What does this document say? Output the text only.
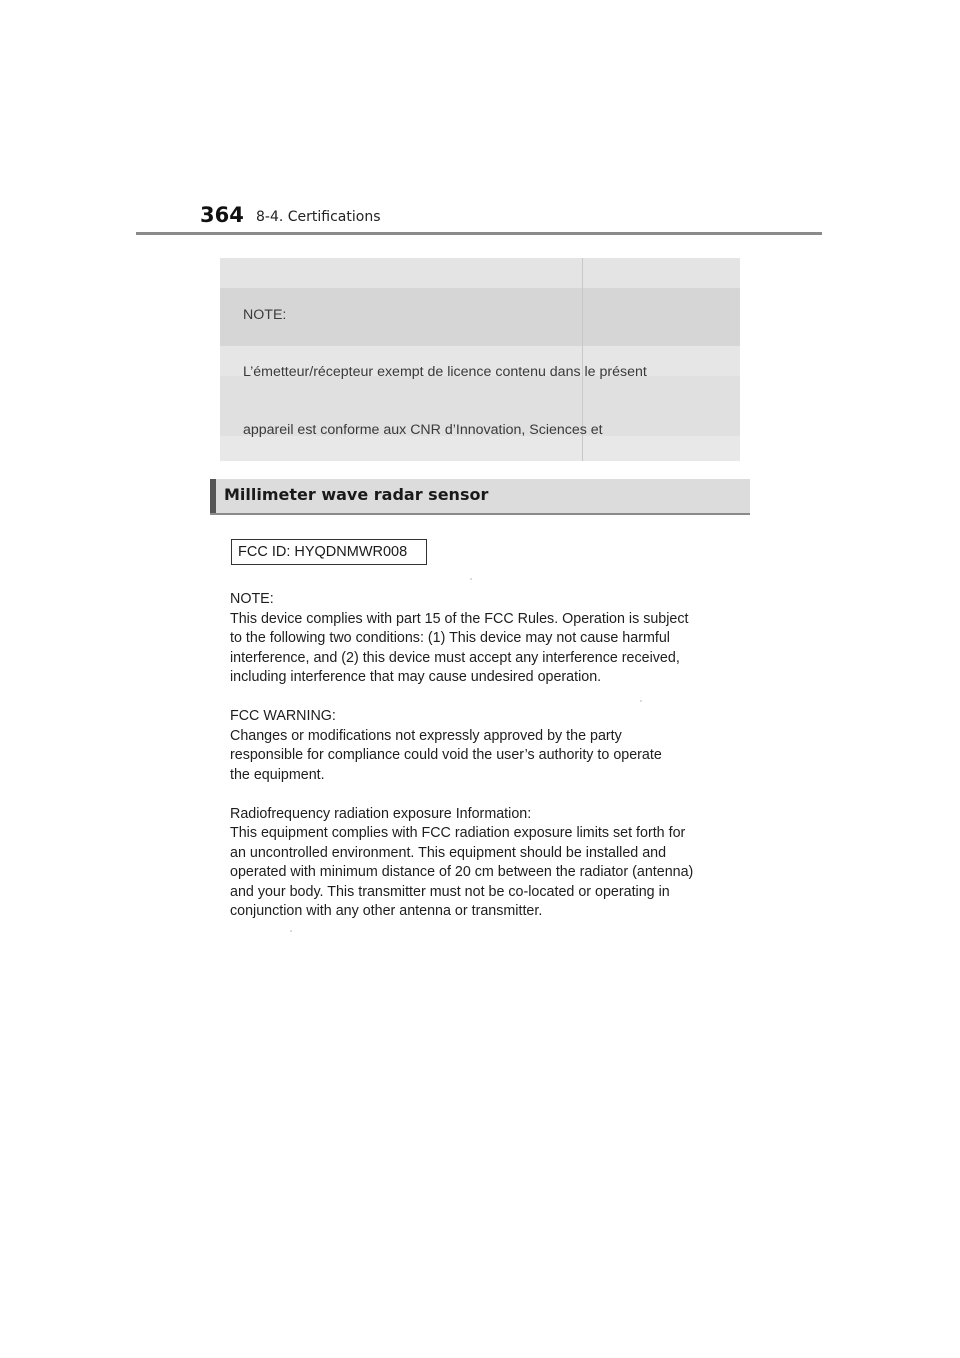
364 8-4. Certifications

NOTE:

L’émetteur/récepteur exempt de licence contenu dans le présent

appareil est conforme aux CNR d’Innovation, Sciences et

Millimeter wave radar sensor
FCC ID: HYQDNMWR008
NOTE:
This device complies with part 15 of the FCC Rules. Operation is subject
to the following two conditions: (1) This device may not cause harmful
interference, and (2) this device must accept any interference received,
including interference that may cause undesired operation.
FCC WARNING:
Changes or modifications not expressly approved by the party
responsible for compliance could void the user’s authority to operate
the equipment.
Radiofrequency radiation exposure Information:
This equipment complies with FCC radiation exposure limits set forth for
an uncontrolled environment. This equipment should be installed and
operated with minimum distance of 20 cm between the radiator (antenna)
and your body. This transmitter must not be co-located or operating in
conjunction with any other antenna or transmitter.
